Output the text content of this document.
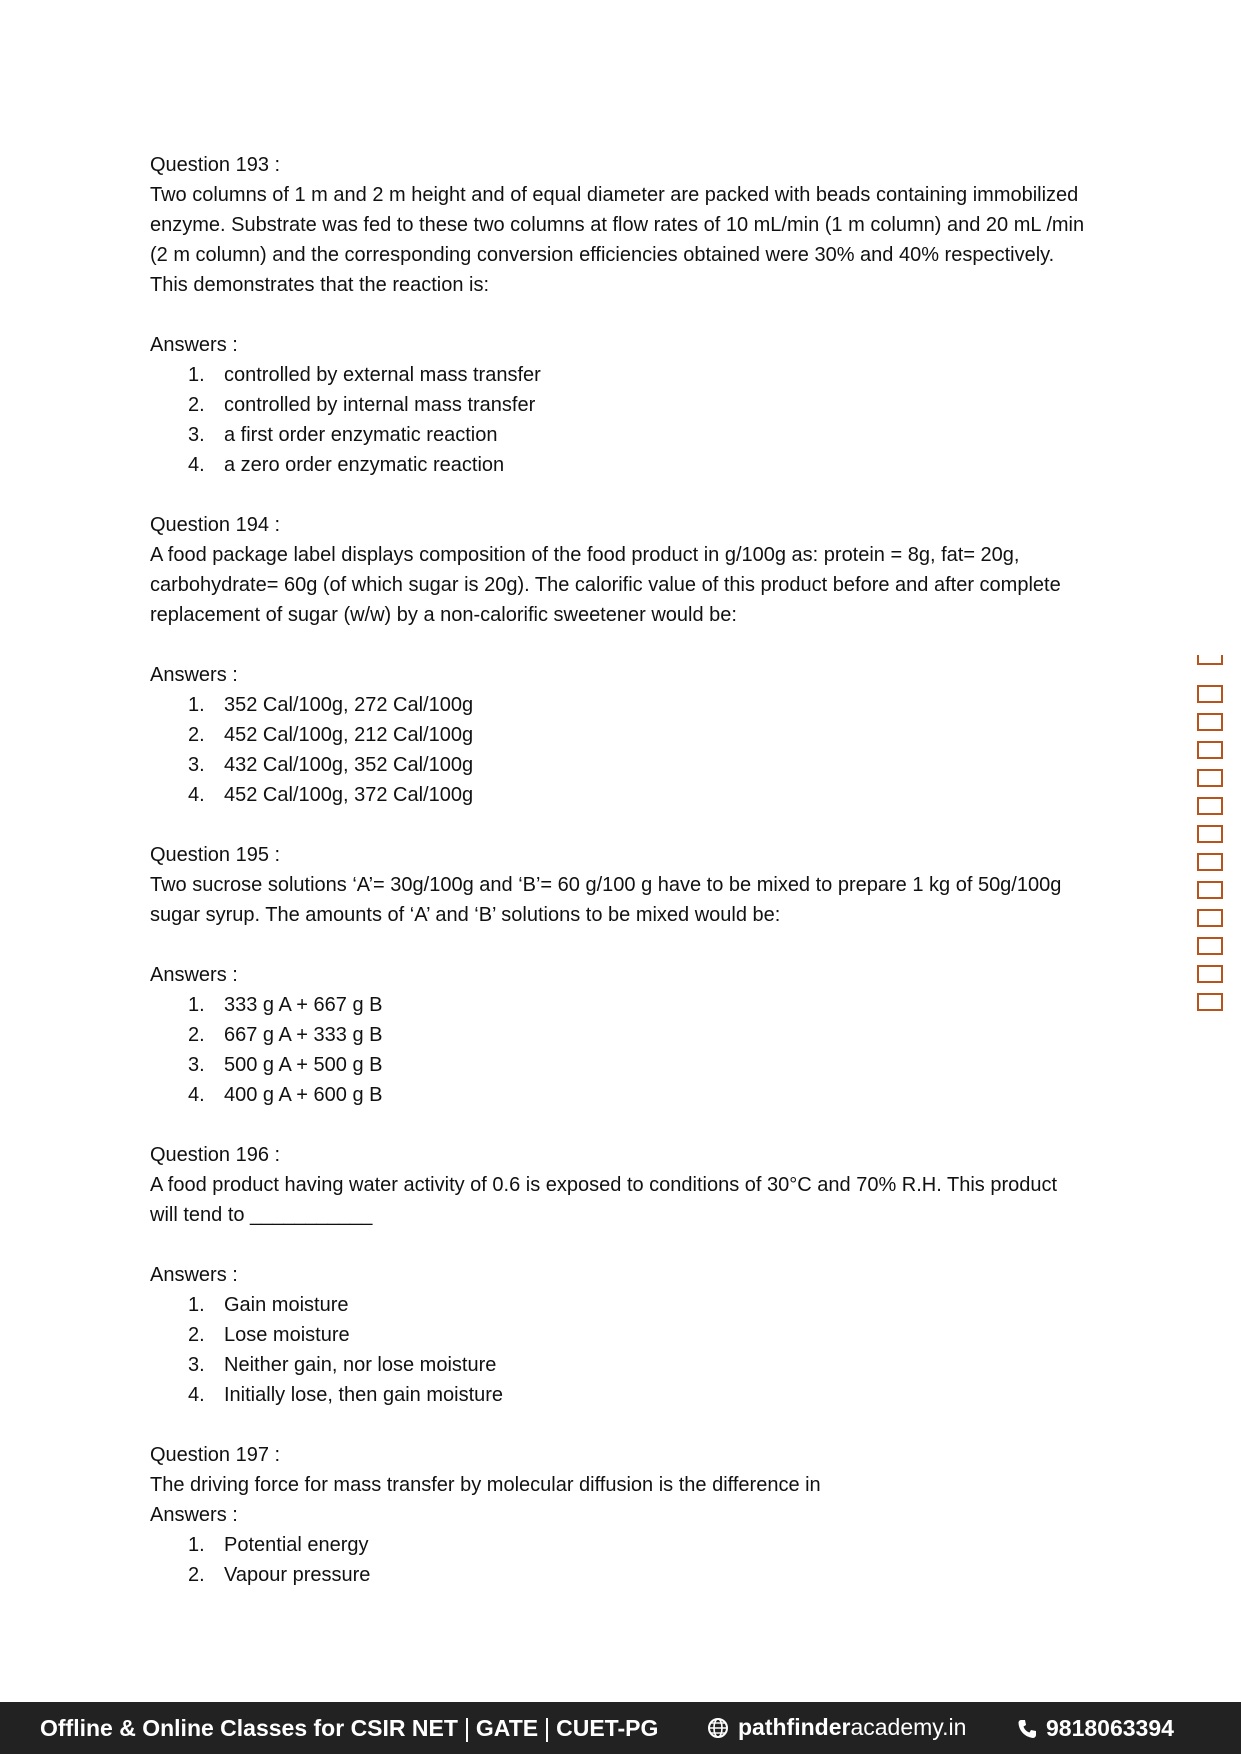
Question 193 :

Two columns of 1 m and 2 m height and of equal diameter are packed with beads containing immobilized enzyme. Substrate was fed to these two columns at flow rates of 10 mL/min (1 m column) and 20 mL /min (2 m column) and the corresponding conversion efficiencies obtained were 30% and 40% respectively. This demonstrates that the reaction is:

Answers :

1. controlled by external mass transfer
2. controlled by internal mass transfer
3. a first order enzymatic reaction
4. a zero order enzymatic reaction

Question 194 :

A food package label displays composition of the food product in g/100g as: protein = 8g, fat= 20g, carbohydrate= 60g (of which sugar is 20g). The calorific value of this product before and after complete replacement of sugar (w/w) by a non-calorific sweetener would be:

Answers :

1. 352 Cal/100g, 272 Cal/100g
2. 452 Cal/100g, 212 Cal/100g
3. 432 Cal/100g, 352 Cal/100g
4. 452 Cal/100g, 372 Cal/100g

Question 195 :

Two sucrose solutions ‘A’= 30g/100g and ‘B’= 60 g/100 g have to be mixed to prepare 1 kg of 50g/100g sugar syrup. The amounts of ‘A’ and ‘B’ solutions to be mixed would be:

Answers :

1. 333 g A + 667 g B
2. 667 g A + 333 g B
3. 500 g A + 500 g B
4. 400 g A + 600 g B

Question 196 :

A food product having water activity of 0.6 is exposed to conditions of 30°C and 70% R.H. This product will tend to ___________

Answers :

1. Gain moisture
2. Lose moisture
3. Neither gain, nor lose moisture
4. Initially lose, then gain moisture

Question 197 :

The driving force for mass transfer by molecular diffusion is the difference in

Answers :

1. Potential energy
2. Vapour pressure
Offline & Online Classes for CSIR NET GATE CUET-PG	pathfinder academy.in	9818063394
